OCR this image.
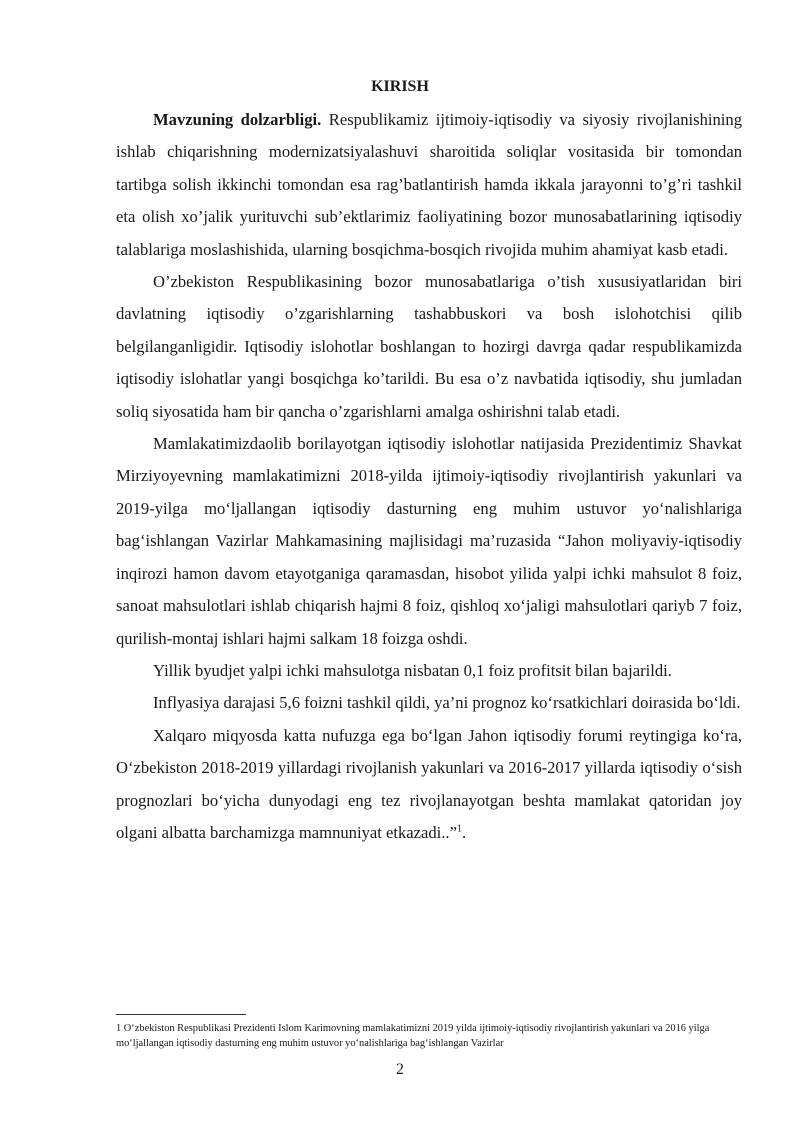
KIRISH

Mavzuning dolzarbligi. Respublikamiz ijtimoiy-iqtisodiy va siyosiy rivojlanishining ishlab chiqarishning modernizatsiyalashuvi sharoitida soliqlar vositasida bir tomondan tartibga solish ikkinchi tomondan esa rag’batlantirish hamda ikkala jarayonni to’g’ri tashkil eta olish xo’jalik yurituvchi sub’ektlarimiz faoliyatining bozor munosabatlarining iqtisodiy talablariga moslashishida, ularning bosqichma-bosqich rivojida muhim ahamiyat kasb etadi.

O’zbekiston Respublikasining bozor munosabatlariga o’tish xususiyatlaridan biri davlatning iqtisodiy o’zgarishlarning tashabbuskori va bosh islohotchisi qilib belgilanganligidir. Iqtisodiy islohotlar boshlangan to hozirgi davrga qadar respublikamizda iqtisodiy islohatlar yangi bosqichga ko’tarildi. Bu esa o’z navbatida iqtisodiy, shu jumladan soliq siyosatida ham bir qancha o’zgarishlarni amalga oshirishni talab etadi.

Mamlakatimizdaolib borilayotgan iqtisodiy islohotlar natijasida Prezidentimiz Shavkat Mirziyoyevning mamlakatimizni 2018-yilda ijtimoiy-iqtisodiy rivojlantirish yakunlari va 2019-yilga mo‘ljallangan iqtisodiy dasturning eng muhim ustuvor yo‘nalishlariga bag‘ishlangan Vazirlar Mahkamasining majlisidagi ma’ruzasida “Jahon moliyaviy-iqtisodiy inqirozi hamon davom etayotganiga qaramasdan, hisobot yilida yalpi ichki mahsulot 8 foiz, sanoat mahsulotlari ishlab chiqarish hajmi 8 foiz, qishloq xo‘jaligi mahsulotlari qariyb 7 foiz, qurilish-montaj ishlari hajmi salkam 18 foizga oshdi.

Yillik byudjet yalpi ichki mahsulotga nisbatan 0,1 foiz profitsit bilan bajarildi.

Inflyasiya darajasi 5,6 foizni tashkil qildi, ya’ni prognoz ko‘rsatkichlari doirasida bo‘ldi.

Xalqaro miqyosda katta nufuzga ega bo‘lgan Jahon iqtisodiy forumi reytingiga ko‘ra, O‘zbekiston 2018-2019 yillardagi rivojlanish yakunlari va 2016-2017 yillarda iqtisodiy o‘sish prognozlari bo‘yicha dunyodagi eng tez rivojlanayotgan beshta mamlakat qatoridan joy olgani albatta barchamizga mamnuniyat etkazadi..”$^1$.

1 O‘zbekiston Respublikasi Prezidenti Islom Karimovning mamlakatimizni 2019 yilda ijtimoiy-iqtisodiy rivojlantirish yakunlari va 2016 yilga mo‘ljallangan iqtisodiy dasturning eng muhim ustuvor yo‘nalishlariga bag‘ishlangan Vazirlar
2
